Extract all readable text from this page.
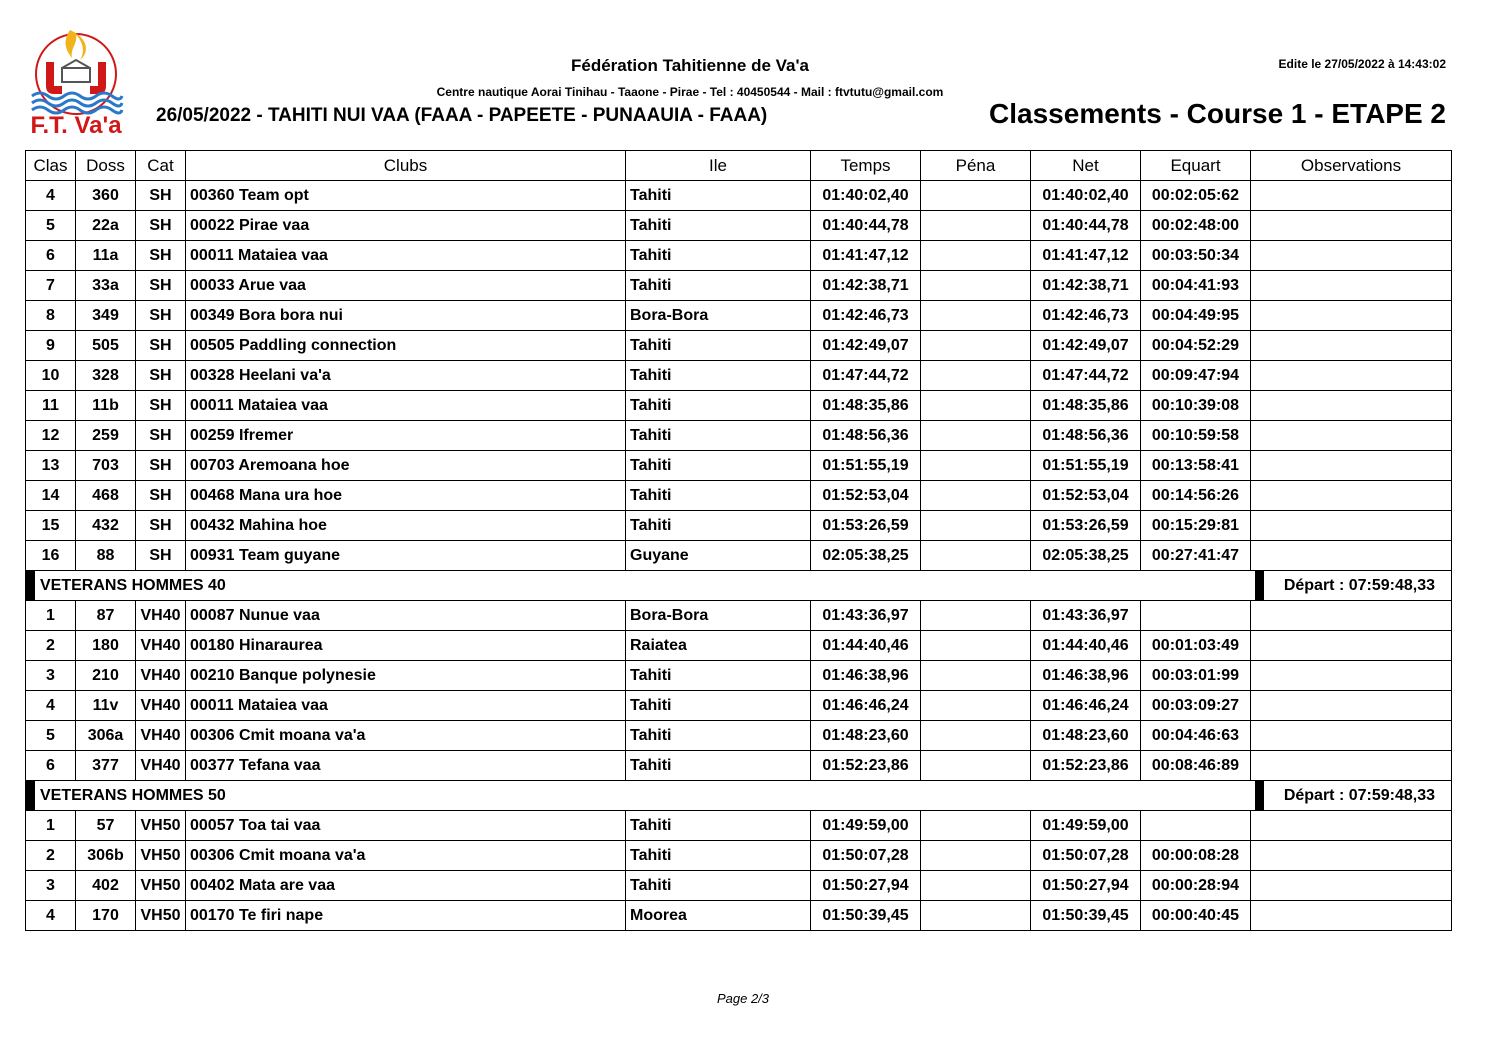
F.T. Va'a
Fédération Tahitienne de Va'a
Centre nautique Aorai Tinihau - Taaone - Pirae - Tel : 40450544 - Mail : ftvtutu@gmail.com
Edite le 27/05/2022 à 14:43:02
26/05/2022 - TAHITI NUI VAA (FAAA - PAPEETE - PUNAAUIA - FAAA)	Classements - Course 1 - ETAPE 2
Clas	Doss	Cat	Clubs	Ile	Temps	Péna	Net	Equart	Observations
4	360	SH	00360 Team opt	Tahiti	01:40:02,40		01:40:02,40	00:02:05:62	
5	22a	SH	00022 Pirae vaa	Tahiti	01:40:44,78		01:40:44,78	00:02:48:00	
6	11a	SH	00011 Mataiea vaa	Tahiti	01:41:47,12		01:41:47,12	00:03:50:34	
7	33a	SH	00033 Arue vaa	Tahiti	01:42:38,71		01:42:38,71	00:04:41:93	
8	349	SH	00349 Bora bora nui	Bora-Bora	01:42:46,73		01:42:46,73	00:04:49:95	
9	505	SH	00505 Paddling connection	Tahiti	01:42:49,07		01:42:49,07	00:04:52:29	
10	328	SH	00328 Heelani va'a	Tahiti	01:47:44,72		01:47:44,72	00:09:47:94	
11	11b	SH	00011 Mataiea vaa	Tahiti	01:48:35,86		01:48:35,86	00:10:39:08	
12	259	SH	00259 Ifremer	Tahiti	01:48:56,36		01:48:56,36	00:10:59:58	
13	703	SH	00703 Aremoana hoe	Tahiti	01:51:55,19		01:51:55,19	00:13:58:41	
14	468	SH	00468 Mana ura hoe	Tahiti	01:52:53,04		01:52:53,04	00:14:56:26	
15	432	SH	00432 Mahina hoe	Tahiti	01:53:26,59		01:53:26,59	00:15:29:81	
16	88	SH	00931 Team guyane	Guyane	02:05:38,25		02:05:38,25	00:27:41:47	

VETERANS HOMMES 40 Départ : 07:59:48,33									

1	87	VH40	00087 Nunue vaa	Bora-Bora	01:43:36,97		01:43:36,97		
2	180	VH40	00180 Hinaraurea	Raiatea	01:44:40,46		01:44:40,46	00:01:03:49	
3	210	VH40	00210 Banque polynesie	Tahiti	01:46:38,96		01:46:38,96	00:03:01:99	
4	11v	VH40	00011 Mataiea vaa	Tahiti	01:46:46,24		01:46:46,24	00:03:09:27	
5	306a	VH40	00306 Cmit moana va'a	Tahiti	01:48:23,60		01:48:23,60	00:04:46:63	
6	377	VH40	00377 Tefana vaa	Tahiti	01:52:23,86		01:52:23,86	00:08:46:89	

VETERANS HOMMES 50 Départ : 07:59:48,33									

1	57	VH50	00057 Toa tai vaa	Tahiti	01:49:59,00		01:49:59,00		
2	306b	VH50	00306 Cmit moana va'a	Tahiti	01:50:07,28		01:50:07,28	00:00:08:28	
3	402	VH50	00402 Mata are vaa	Tahiti	01:50:27,94		01:50:27,94	00:00:28:94	
4	170	VH50	00170 Te firi nape	Moorea	01:50:39,45		01:50:39,45	00:00:40:45	
Page 2/3
